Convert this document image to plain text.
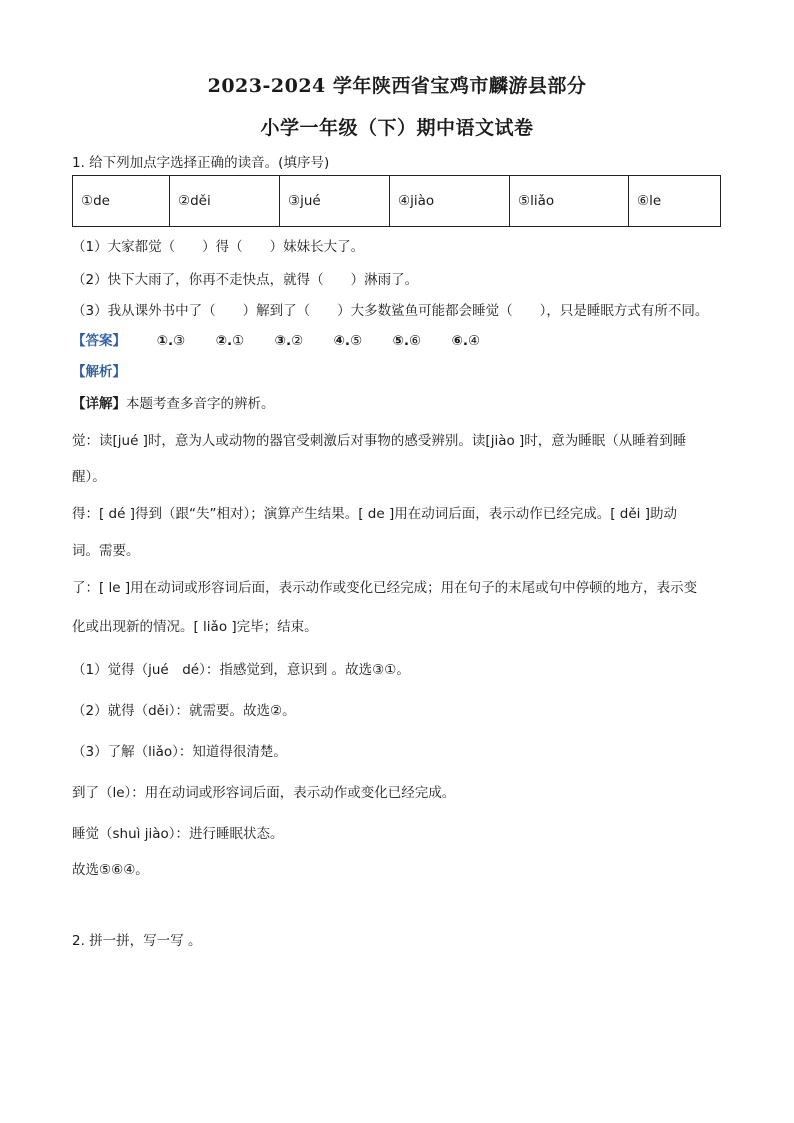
2023-2024 学年陕西省宝鸡市麟游县部分
小学一年级（下）期中语文试卷
1. 给下列加点字选择正确的读音。(填序号)
①de	②děi	③jué	④jiào	⑤liǎo	⑥le
（1）大家都觉（　　）得（　　）妹妹长大了。
（2）快下大雨了，你再不走快点，就得（　　）淋雨了。
（3）我从课外书中了（　　）解到了（　　）大多数鲨鱼可能都会睡觉（　　），只是睡眠方式有所不同。
【答案】 ①.③ ②.① ③.② ④.⑤ ⑤.⑥ ⑥.④
【解析】
【详解】本题考查多音字的辨析。
觉：读[jué ]时，意为人或动物的器官受刺激后对事物的感受辨别。读[jiào ]时，意为睡眠（从睡着到睡
醒）。
得：[ dé ]得到（跟“失”相对）；演算产生结果。[ de ]用在动词后面，表示动作已经完成。[ děi ]助动
词。需要。
了：[ le ]用在动词或形容词后面，表示动作或变化已经完成；用在句子的末尾或句中停顿的地方，表示变
化或出现新的情况。[ liǎo ]完毕；结束。
（1）觉得（jué　dé）：指感觉到，意识到 。故选③①。
（2）就得（děi）：就需要。故选②。
（3）了解（liǎo）：知道得很清楚。
到了（le）：用在动词或形容词后面，表示动作或变化已经完成。
睡觉（shuì jiào）：进行睡眠状态。
故选⑤⑥④。
2. 拼一拼，写一写 。
